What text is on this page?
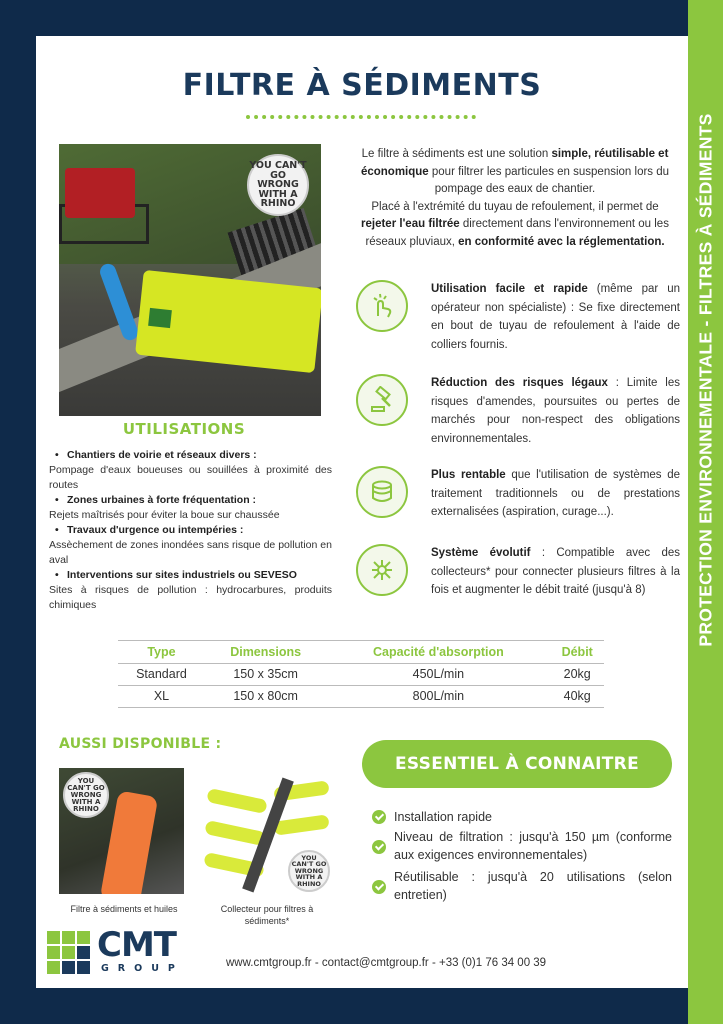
PROTECTION ENVIRONNEMENTALE - FILTRES À SÉDIMENTS
FILTRE À SÉDIMENTS
YOU CAN'T GO WRONG WITH A RHINO

Le filtre à sédiments est une solution simple, réutilisable et économique pour filtrer les particules en suspension lors du pompage des eaux de chantier.

Placé à l'extrémité du tuyau de refoulement, il permet de rejeter l'eau filtrée directement dans l'environnement ou les réseaux pluviaux, en conformité avec la réglementation.

Utilisation facile et rapide (même par un opérateur non spécialiste) : Se fixe directement en bout de tuyau de refoulement à l'aide de colliers fournis.
Réduction des risques légaux : Limite les risques d'amendes, poursuites ou pertes de marchés pour non-respect des obligations environnementales.
Plus rentable que l'utilisation de systèmes de traitement traditionnels ou de prestations externalisées (aspiration, curage...).
Système évolutif : Compatible avec des collecteurs* pour connecter plusieurs filtres à la fois et augmenter le débit traité (jusqu'à 8)
UTILISATIONS
• Chantiers de voirie et réseaux divers :
Pompage d'eaux boueuses ou souillées à proximité des routes
• Zones urbaines à forte fréquentation :
Rejets maîtrisés pour éviter la boue sur chaussée
• Travaux d'urgence ou intempéries :
Assèchement de zones inondées sans risque de pollution en aval
• Interventions sur sites industriels ou SEVESO
Sites à risques de pollution : hydrocarbures, produits chimiques
Type	Dimensions	Capacité d'absorption	Débit
Standard	150 x 35cm	450L/min	20kg
XL	150 x 80cm	800L/min	40kg
AUSSI DISPONIBLE :
YOU CAN'T GO WRONG WITH A RHINO
Filtre à sédiments et huiles
YOU CAN'T GO WRONG WITH A RHINO
Collecteur pour filtres à sédiments*
ESSENTIEL À CONNAITRE
Installation rapide
Niveau de filtration : jusqu'à 150 µm (conforme aux exigences environnementales)
Réutilisable : jusqu'à 20 utilisations (selon entretien)
CMT
GROUP	www.cmtgroup.fr - contact@cmtgroup.fr - +33 (0)1 76 34 00 39
